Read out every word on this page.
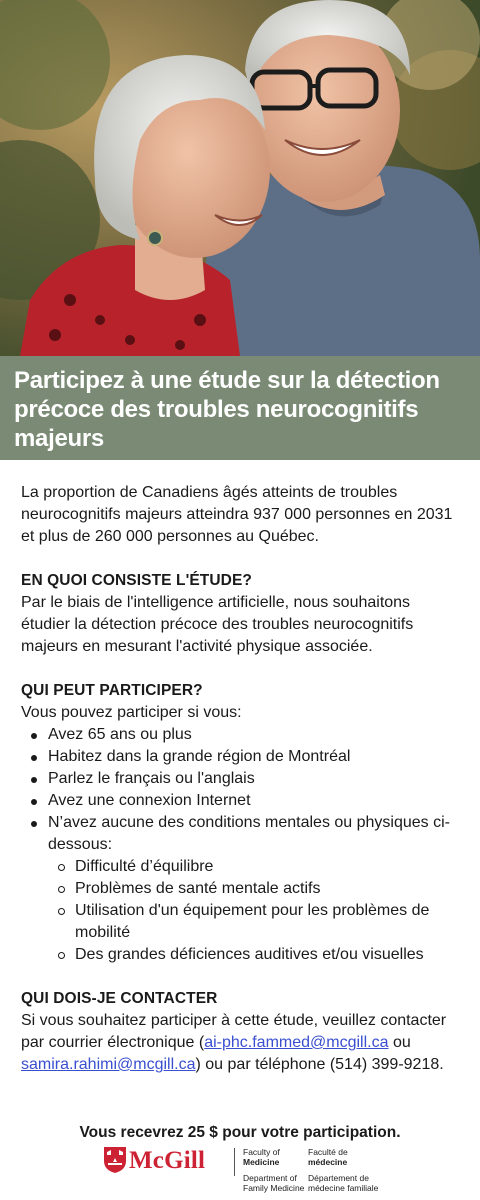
Participez à une étude sur la détection précoce des troubles neurocognitifs majeurs

La proportion de Canadiens âgés atteints de troubles neurocognitifs majeurs atteindra 937 000 personnes en 2031 et plus de 260 000 personnes au Québec.

EN QUOI CONSISTE L'ÉTUDE?

Par le biais de l'intelligence artificielle, nous souhaitons étudier la détection précoce des troubles neurocognitifs majeurs en mesurant l'activité physique associée.

QUI PEUT PARTICIPER?

Vous pouvez participer si vous:

Avez 65 ans ou plus
Habitez dans la grande région de Montréal
Parlez le français ou l'anglais
Avez une connexion Internet
N’avez aucune des conditions mentales ou physiques ci-dessous:
Difficulté d’équilibre
Problèmes de santé mentale actifs
Utilisation d'un équipement pour les problèmes de mobilité
Des grandes déficiences auditives et/ou visuelles
QUI DOIS-JE CONTACTER

Si vous souhaitez participer à cette étude, veuillez contacter par courrier électronique (ai-phc.fammed@mcgill.ca ou samira.rahimi@mcgill.ca) ou par téléphone (514) 399-9218.

Vous recevrez 25 $ pour votre participation.
McGill	Faculty of
Medicine
Faculté de
médecine
Department of
Family Medicine
Département de
médecine familiale
